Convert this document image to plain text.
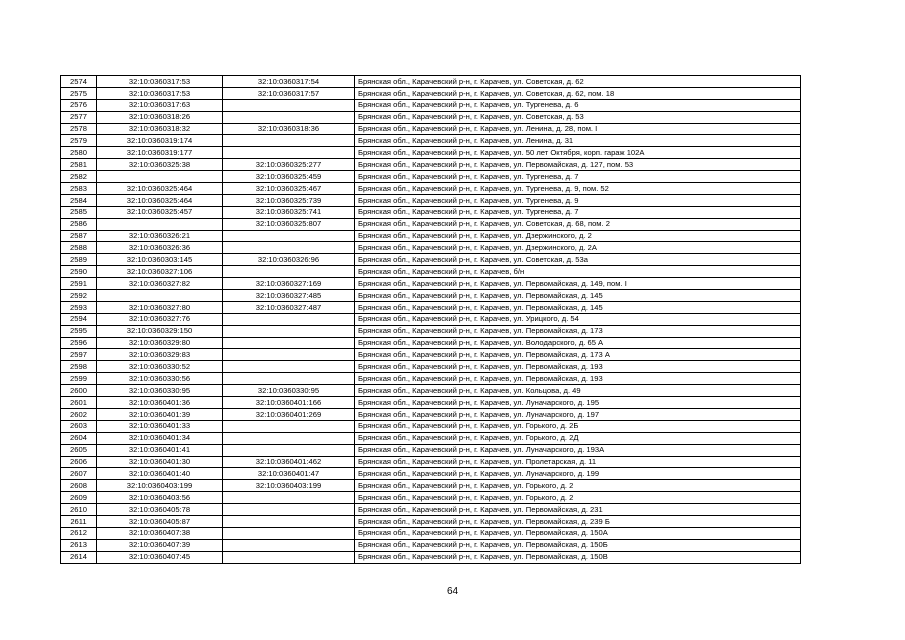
2574	32:10:0360317:53	32:10:0360317:54	Брянская обл., Карачевский р-н, г. Карачев, ул. Советская, д. 62
2575	32:10:0360317:53	32:10:0360317:57	Брянская обл., Карачевский р-н, г. Карачев, ул. Советская, д. 62, пом. 18
2576	32:10:0360317:63		Брянская обл., Карачевский р-н, г. Карачев, ул. Тургенева, д. 6
2577	32:10:0360318:26		Брянская обл., Карачевский р-н, г. Карачев, ул. Советская, д. 53
2578	32:10:0360318:32	32:10:0360318:36	Брянская обл., Карачевский р-н, г. Карачев, ул. Ленина, д. 28, пом. I
2579	32:10:0360319:174		Брянская обл., Карачевский р-н, г. Карачев, ул. Ленина, д. 31
2580	32:10:0360319:177		Брянская обл., Карачевский р-н, г. Карачев, ул. 50 лет Октября, корп. гараж 102А
2581	32:10:0360325:38	32:10:0360325:277	Брянская обл., Карачевский р-н, г. Карачев, ул. Первомайская, д. 127, пом. 53
2582		32:10:0360325:459	Брянская обл., Карачевский р-н, г. Карачев, ул. Тургенева, д. 7
2583	32:10:0360325:464	32:10:0360325:467	Брянская обл., Карачевский р-н, г. Карачев, ул. Тургенева, д. 9, пом. 52
2584	32:10:0360325:464	32:10:0360325:739	Брянская обл., Карачевский р-н, г. Карачев, ул. Тургенева, д. 9
2585	32:10:0360325:457	32:10:0360325:741	Брянская обл., Карачевский р-н, г. Карачев, ул. Тургенева, д. 7
2586		32:10:0360325:807	Брянская обл., Карачевский р-н, г. Карачев, ул. Советская, д. 68, пом. 2
2587	32:10:0360326:21		Брянская обл., Карачевский р-н, г. Карачев, ул. Дзержинского, д. 2
2588	32:10:0360326:36		Брянская обл., Карачевский р-н, г. Карачев, ул. Дзержинского, д. 2А
2589	32:10:0360303:145	32:10:0360326:96	Брянская обл., Карачевский р-н, г. Карачев, ул. Советская, д. 53а
2590	32:10:0360327:106		Брянская обл., Карачевский р-н, г. Карачев, б/н
2591	32:10:0360327:82	32:10:0360327:169	Брянская обл., Карачевский р-н, г. Карачев, ул. Первомайская, д. 149, пом. I
2592		32:10:0360327:485	Брянская обл., Карачевский р-н, г. Карачев, ул. Первомайская, д. 145
2593	32:10:0360327:80	32:10:0360327:487	Брянская обл., Карачевский р-н, г. Карачев, ул. Первомайская, д. 145
2594	32:10:0360327:76		Брянская обл., Карачевский р-н, г. Карачев, ул. Урицкого, д. 54
2595	32:10:0360329:150		Брянская обл., Карачевский р-н, г. Карачев, ул. Первомайская, д. 173
2596	32:10:0360329:80		Брянская обл., Карачевский р-н, г. Карачев, ул. Володарского, д. 65 А
2597	32:10:0360329:83		Брянская обл., Карачевский р-н, г. Карачев, ул. Первомайская, д. 173 А
2598	32:10:0360330:52		Брянская обл., Карачевский р-н, г. Карачев, ул. Первомайская, д. 193
2599	32:10:0360330:56		Брянская обл., Карачевский р-н, г. Карачев, ул. Первомайская, д. 193
2600	32:10:0360330:95	32:10:0360330:95	Брянская обл., Карачевский р-н, г. Карачев, ул. Кольцова, д. 49
2601	32:10:0360401:36	32:10:0360401:166	Брянская обл., Карачевский р-н, г. Карачев, ул. Луначарского, д. 195
2602	32:10:0360401:39	32:10:0360401:269	Брянская обл., Карачевский р-н, г. Карачев, ул. Луначарского, д. 197
2603	32:10:0360401:33		Брянская обл., Карачевский р-н, г. Карачев, ул. Горького, д. 2Б
2604	32:10:0360401:34		Брянская обл., Карачевский р-н, г. Карачев, ул. Горького, д. 2Д
2605	32:10:0360401:41		Брянская обл., Карачевский р-н, г. Карачев, ул. Луначарского, д. 193А
2606	32:10:0360401:30	32:10:0360401:462	Брянская обл., Карачевский р-н, г. Карачев, ул. Пролетарская, д. 11
2607	32:10:0360401:40	32:10:0360401:47	Брянская обл., Карачевский р-н, г. Карачев, ул. Луначарского, д. 199
2608	32:10:0360403:199	32:10:0360403:199	Брянская обл., Карачевский р-н, г. Карачев, ул. Горького, д. 2
2609	32:10:0360403:56		Брянская обл., Карачевский р-н, г. Карачев, ул. Горького, д. 2
2610	32:10:0360405:78		Брянская обл., Карачевский р-н, г. Карачев, ул. Первомайская, д. 231
2611	32:10:0360405:87		Брянская обл., Карачевский р-н, г. Карачев, ул. Первомайская, д. 239 Б
2612	32:10:0360407:38		Брянская обл., Карачевский р-н, г. Карачев, ул. Первомайская, д. 150А
2613	32:10:0360407:39		Брянская обл., Карачевский р-н, г. Карачев, ул. Первомайская, д. 150Б
2614	32:10:0360407:45		Брянская обл., Карачевский р-н, г. Карачев, ул. Первомайская, д. 150В
64
